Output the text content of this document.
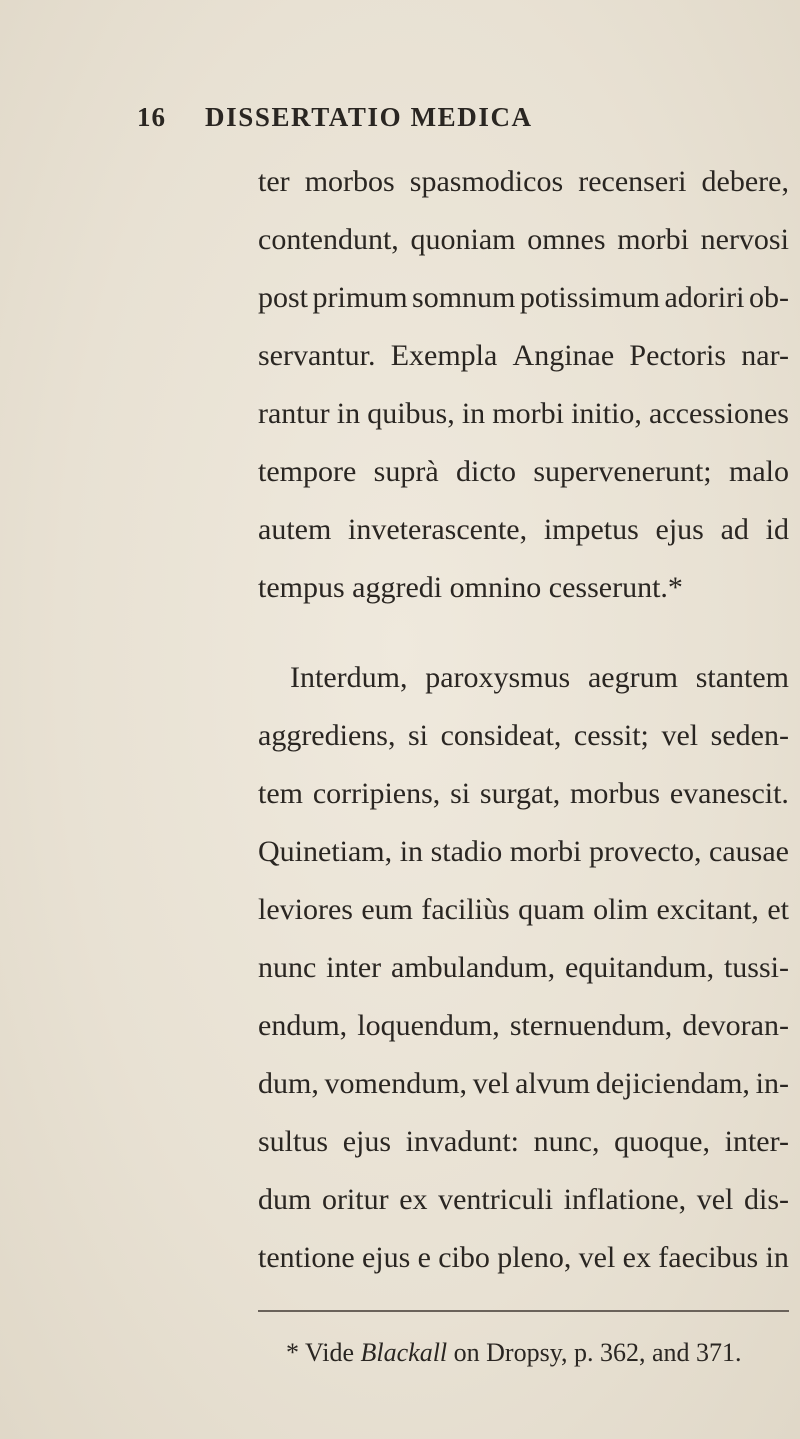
16 DISSERTATIO MEDICA
ter morbos spasmodicos recenseri debere,
contendunt, quoniam omnes morbi nervosi
post primum somnum potissimum adoriri ob-
servantur. Exempla Anginae Pectoris nar-
rantur in quibus, in morbi initio, accessiones
tempore suprà dicto supervenerunt; malo
autem inveterascente, impetus ejus ad id
tempus aggredi omnino cesserunt.*
Interdum, paroxysmus aegrum stantem
aggrediens, si consideat, cessit; vel seden-
tem corripiens, si surgat, morbus evanescit.
Quinetiam, in stadio morbi provecto, causae
leviores eum faciliùs quam olim excitant, et
nunc inter ambulandum, equitandum, tussi-
endum, loquendum, sternuendum, devoran-
dum, vomendum, vel alvum dejiciendam, in-
sultus ejus invadunt: nunc, quoque, inter-
dum oritur ex ventriculi inflatione, vel dis-
tentione ejus e cibo pleno, vel ex faecibus in
* Vide Blackall on Dropsy, p. 362, and 371.
